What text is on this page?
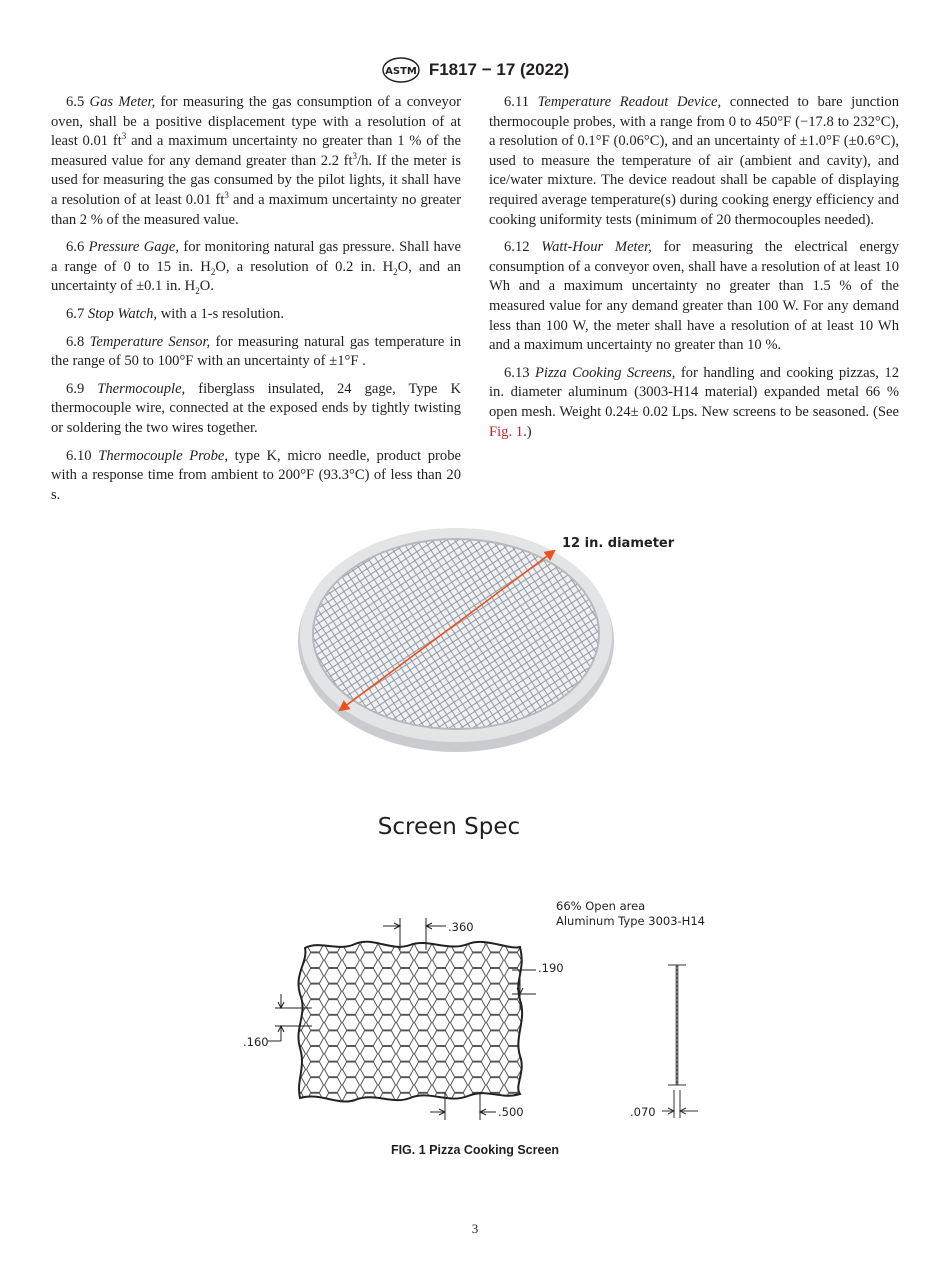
ASTM F1817 − 17 (2022)

6.5 Gas Meter, for measuring the gas consumption of a conveyor oven, shall be a positive displacement type with a resolution of at least 0.01 $ft^3$ and a maximum uncertainty no greater than 1 % of the measured value for any demand greater than 2.2 $ft^3/h$. If the meter is used for measuring the gas consumed by the pilot lights, it shall have a resolution of at least 0.01 $ft^3$ and a maximum uncertainty no greater than 2 % of the measured value.

6.6 Pressure Gage, for monitoring natural gas pressure. Shall have a range of 0 to 15 in. $H_2O$, a resolution of 0.2 in. $H_2O$, and an uncertainty of ±0.1 in. $H_2O$.

6.7 Stop Watch, with a 1-s resolution.

6.8 Temperature Sensor, for measuring natural gas temperature in the range of 50 to 100°F with an uncertainty of ±1°F .

6.9 Thermocouple, fiberglass insulated, 24 gage, Type K thermocouple wire, connected at the exposed ends by tightly twisting or soldering the two wires together.

6.10 Thermocouple Probe, type K, micro needle, product probe with a response time from ambient to 200°F (93.3°C) of less than 20 s.

6.11 Temperature Readout Device, connected to bare junction thermocouple probes, with a range from 0 to 450°F (−17.8 to 232°C), a resolution of 0.1°F (0.06°C), and an uncertainty of ±1.0°F (±0.6°C), used to measure the temperature of air (ambient and cavity), and ice/water mixture. The device readout shall be capable of displaying required average temperature(s) during cooking energy efficiency and cooking uniformity tests (minimum of 20 thermocouples needed).

6.12 Watt-Hour Meter, for measuring the electrical energy consumption of a conveyor oven, shall have a resolution of at least 10 Wh and a maximum uncertainty no greater than 1.5 % of the measured value for any demand greater than 100 W. For any demand less than 100 W, the meter shall have a resolution of at least 10 Wh and a maximum uncertainty no greater than 10 %.

6.13 Pizza Cooking Screens, for handling and cooking pizzas, 12 in. diameter aluminum (3003-H14 material) expanded metal 66 % open mesh. Weight 0.24± 0.02 Lps. New screens to be seasoned. (See Fig. 1.)

12 in. diameter
Screen Spec
66% Open area
Aluminum Type 3003-H14
.360
.190
.160
.500	.070
FIG. 1 Pizza Cooking Screen
3
